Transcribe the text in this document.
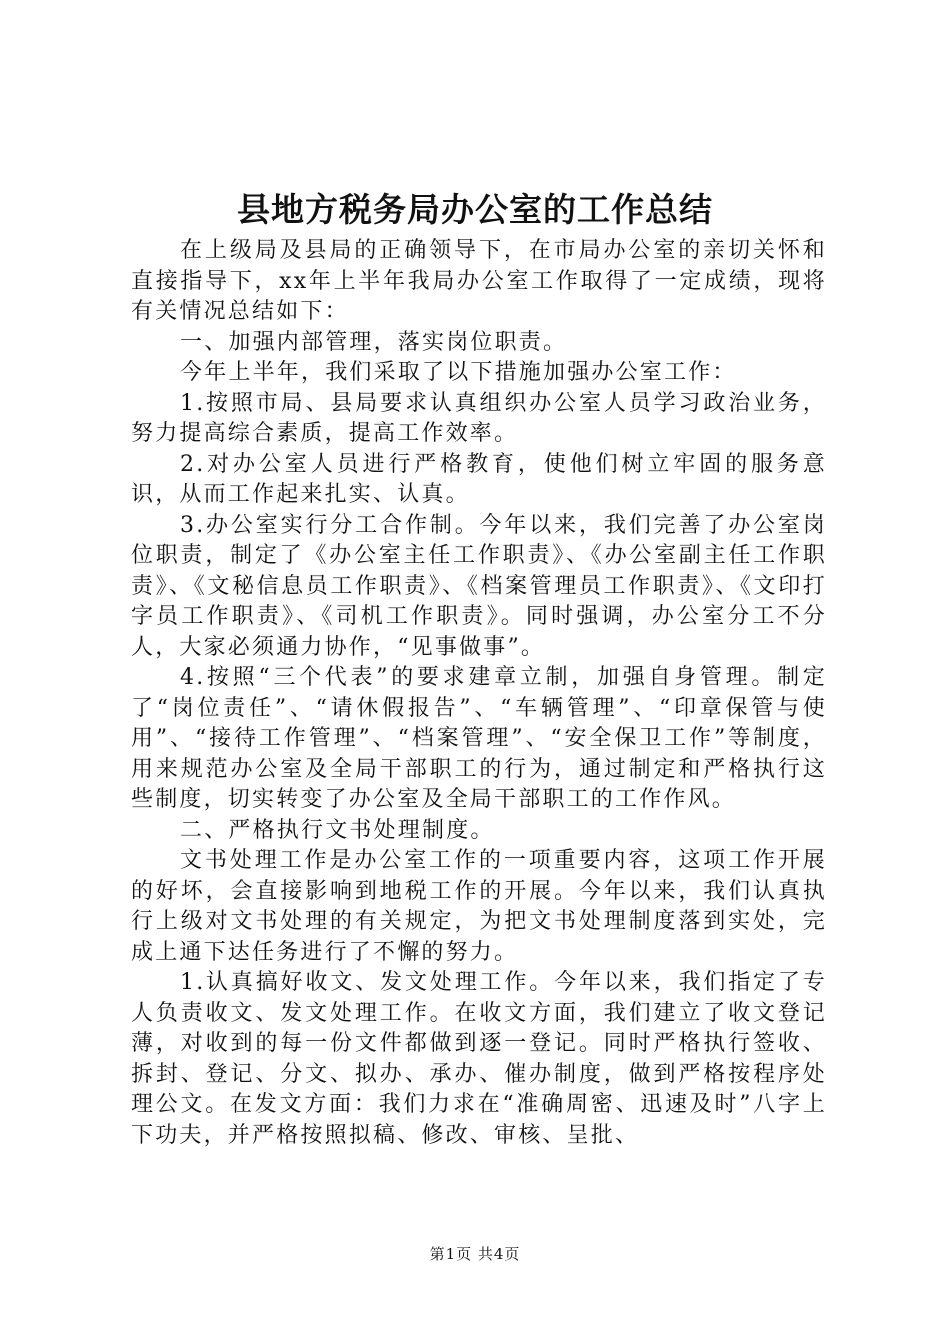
县地方税务局办公室的工作总结

在上级局及县局的正确领导下，在市局办公室的亲切关怀和直接指导下，xx年上半年我局办公室工作取得了一定成绩，现将有关情况总结如下：

一、加强内部管理，落实岗位职责。

今年上半年，我们采取了以下措施加强办公室工作：

1.按照市局、县局要求认真组织办公室人员学习政治业务，努力提高综合素质，提高工作效率。

2.对办公室人员进行严格教育，使他们树立牢固的服务意识，从而工作起来扎实、认真。

3.办公室实行分工合作制。今年以来，我们完善了办公室岗位职责，制定了《办公室主任工作职责》、《办公室副主任工作职责》、《文秘信息员工作职责》、《档案管理员工作职责》、《文印打字员工作职责》、《司机工作职责》。同时强调，办公室分工不分人，大家必须通力协作，“见事做事”。

4.按照“三个代表”的要求建章立制，加强自身管理。制定了“岗位责任”、“请休假报告”、“车辆管理”、“印章保管与使用”、“接待工作管理”、“档案管理”、“安全保卫工作”等制度，用来规范办公室及全局干部职工的行为，通过制定和严格执行这些制度，切实转变了办公室及全局干部职工的工作作风。

二、严格执行文书处理制度。

文书处理工作是办公室工作的一项重要内容，这项工作开展的好坏，会直接影响到地税工作的开展。今年以来，我们认真执行上级对文书处理的有关规定，为把文书处理制度落到实处，完成上通下达任务进行了不懈的努力。

1.认真搞好收文、发文处理工作。今年以来，我们指定了专人负责收文、发文处理工作。在收文方面，我们建立了收文登记薄，对收到的每一份文件都做到逐一登记。同时严格执行签收、拆封、登记、分文、拟办、承办、催办制度，做到严格按程序处理公文。在发文方面：我们力求在“准确周密、迅速及时”八字上下功夫，并严格按照拟稿、修改、审核、呈批、

第1页 共4页
